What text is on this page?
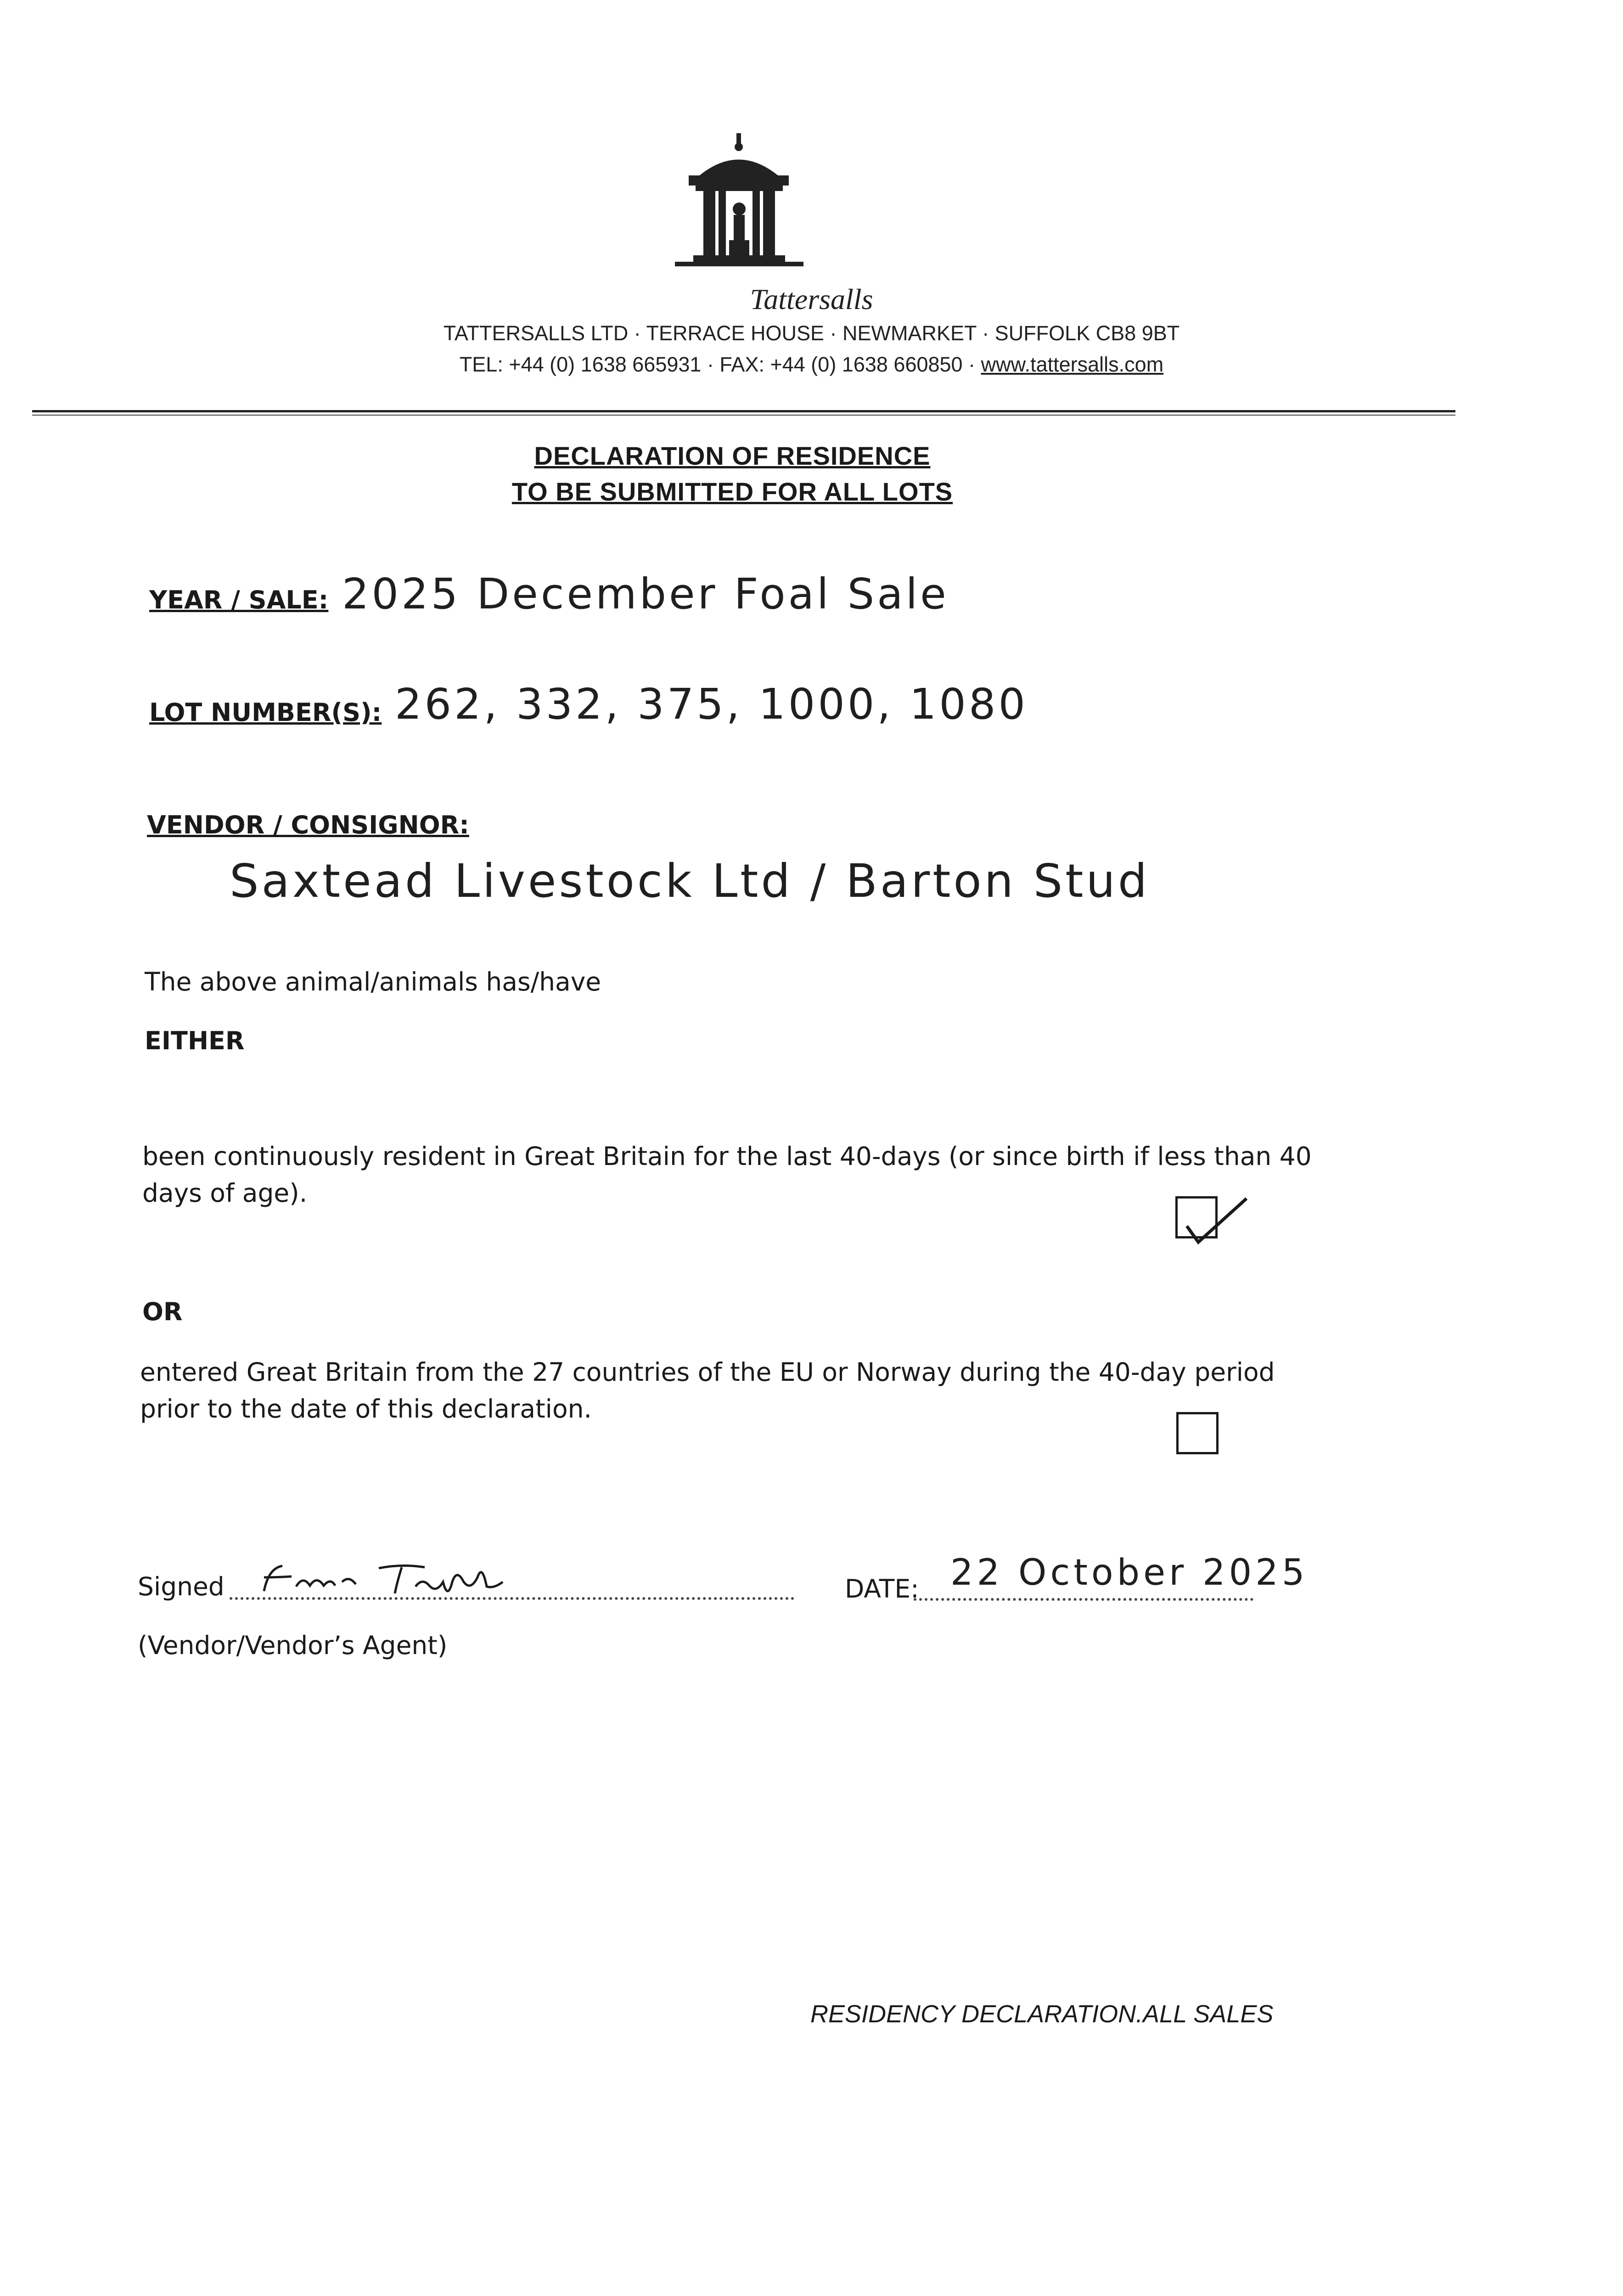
Tattersalls
TATTERSALLS LTD · TERRACE HOUSE · NEWMARKET · SUFFOLK CB8 9BT
TEL: +44 (0) 1638 665931 · FAX: +44 (0) 1638 660850 · www.tattersalls.com
DECLARATION OF RESIDENCE
TO BE SUBMITTED FOR ALL LOTS
YEAR / SALE: 2025 December Foal Sale
LOT NUMBER(S): 262, 332, 375, 1000, 1080
VENDOR / CONSIGNOR:
Saxtead Livestock Ltd / Barton Stud
The above animal/animals has/have
EITHER
been continuously resident in Great Britain for the last 40-days (or since birth if less than 40 days of age).
OR
entered Great Britain from the 27 countries of the EU or Norway during the 40-day period prior to the date of this declaration.
Signed	DATE: 22 October 2025
(Vendor/Vendor’s Agent)
RESIDENCY DECLARATION.ALL SALES
